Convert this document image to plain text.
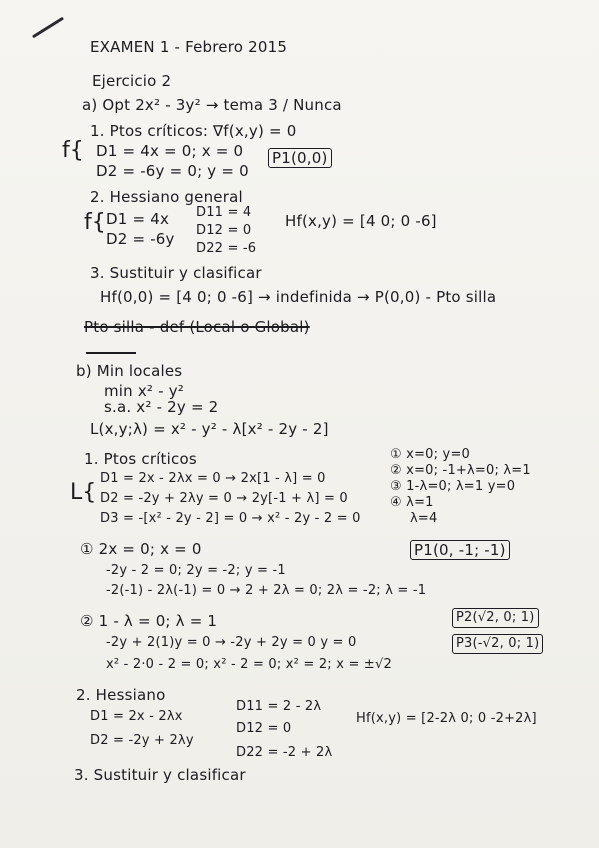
EXAMEN 1 - Febrero 2015
Ejercicio 2
a) Opt 2x² - 3y² → tema 3 / Nunca
1. Ptos críticos: ∇f(x,y) = 0
f{ D1 = 4x = 0; x = 0
D2 = -6y = 0; y = 0
P1(0,0)
2. Hessiano general
f{ D1 = 4x
D2 = -6y
D11 = 4
D12 = 0
D22 = -6
Hf(x,y) = [4 0; 0 -6]
3. Sustituir y clasificar
Hf(0,0) = [4 0; 0 -6] → indefinida → P(0,0) - Pto silla
Pto silla - def (Local o Global)
b) Min locales
min x² - y²
s.a. x² - 2y = 2
L(x,y;λ) = x² - y² - λ[x² - 2y - 2]
1. Ptos críticos
L{
D1 = 2x - 2λx = 0 → 2x[1 - λ] = 0
D2 = -2y + 2λy = 0 → 2y[-1 + λ] = 0
D3 = -[x² - 2y - 2] = 0 → x² - 2y - 2 = 0
① x=0; y=0
② x=0; -1+λ=0; λ=1
③ 1-λ=0; λ=1 y=0
④ λ=1
λ=4
① 2x = 0; x = 0	P1(0, -1; -1)
-2y - 2 = 0; 2y = -2; y = -1
-2(-1) - 2λ(-1) = 0 → 2 + 2λ = 0; 2λ = -2; λ = -1
② 1 - λ = 0; λ = 1	P2(√2, 0; 1)
-2y + 2(1)y = 0 → -2y + 2y = 0 y = 0	P3(-√2, 0; 1)
x² - 2·0 - 2 = 0; x² - 2 = 0; x² = 2; x = ±√2
2. Hessiano
D1 = 2x - 2λx
D2 = -2y + 2λy
D11 = 2 - 2λ
D12 = 0
D22 = -2 + 2λ
Hf(x,y) = [2-2λ 0; 0 -2+2λ]
3. Sustituir y clasificar
